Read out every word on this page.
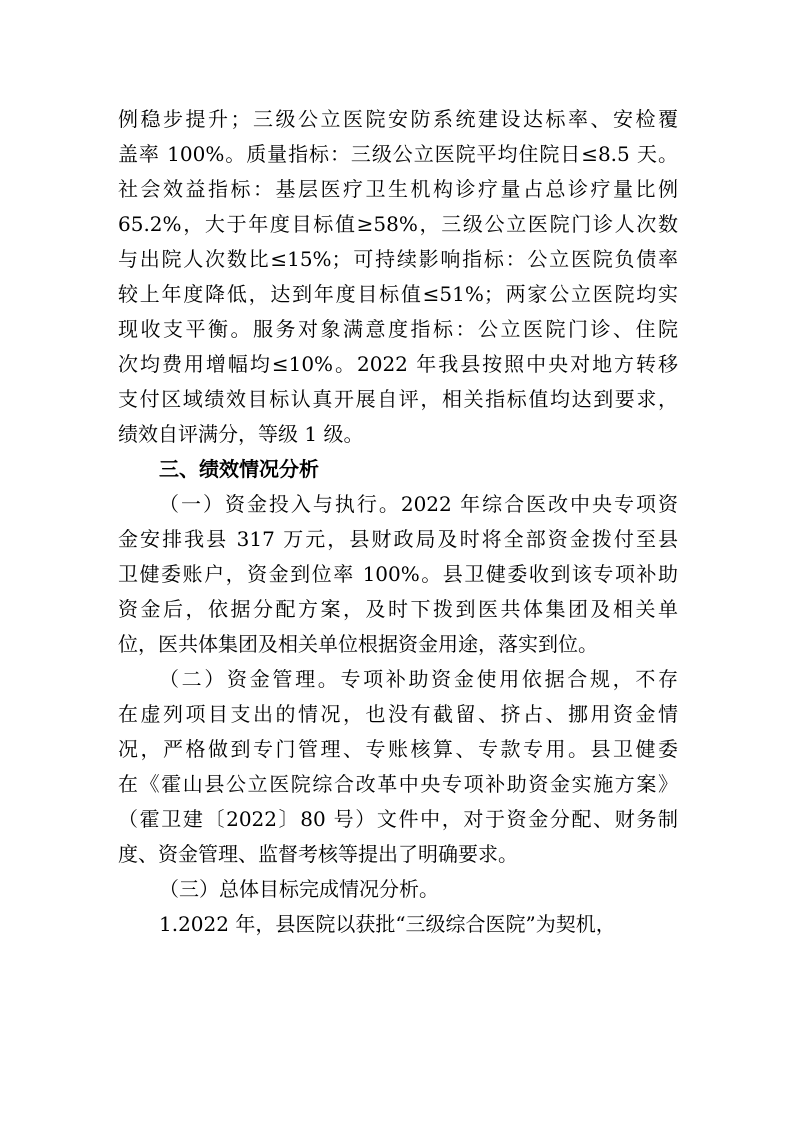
例稳步提升；三级公立医院安防系统建设达标率、安检覆
盖率 100%。质量指标：三级公立医院平均住院日≤8.5 天。
社会效益指标：基层医疗卫生机构诊疗量占总诊疗量比例
65.2%，大于年度目标值≥58%，三级公立医院门诊人次数
与出院人次数比≤15%；可持续影响指标：公立医院负债率
较上年度降低，达到年度目标值≤51%；两家公立医院均实
现收支平衡。服务对象满意度指标：公立医院门诊、住院
次均费用增幅均≤10%。2022 年我县按照中央对地方转移
支付区域绩效目标认真开展自评，相关指标值均达到要求，
绩效自评满分，等级 1 级。
三、绩效情况分析
（一）资金投入与执行。2022 年综合医改中央专项资
金安排我县 317 万元，县财政局及时将全部资金拨付至县
卫健委账户，资金到位率 100%。县卫健委收到该专项补助
资金后，依据分配方案，及时下拨到医共体集团及相关单
位，医共体集团及相关单位根据资金用途，落实到位。
（二）资金管理。专项补助资金使用依据合规，不存
在虚列项目支出的情况，也没有截留、挤占、挪用资金情
况，严格做到专门管理、专账核算、专款专用。县卫健委
在《霍山县公立医院综合改革中央专项补助资金实施方案》
（霍卫建〔2022〕80 号）文件中，对于资金分配、财务制
度、资金管理、监督考核等提出了明确要求。
（三）总体目标完成情况分析。
1.2022 年，县医院以获批“三级综合医院”为契机，
